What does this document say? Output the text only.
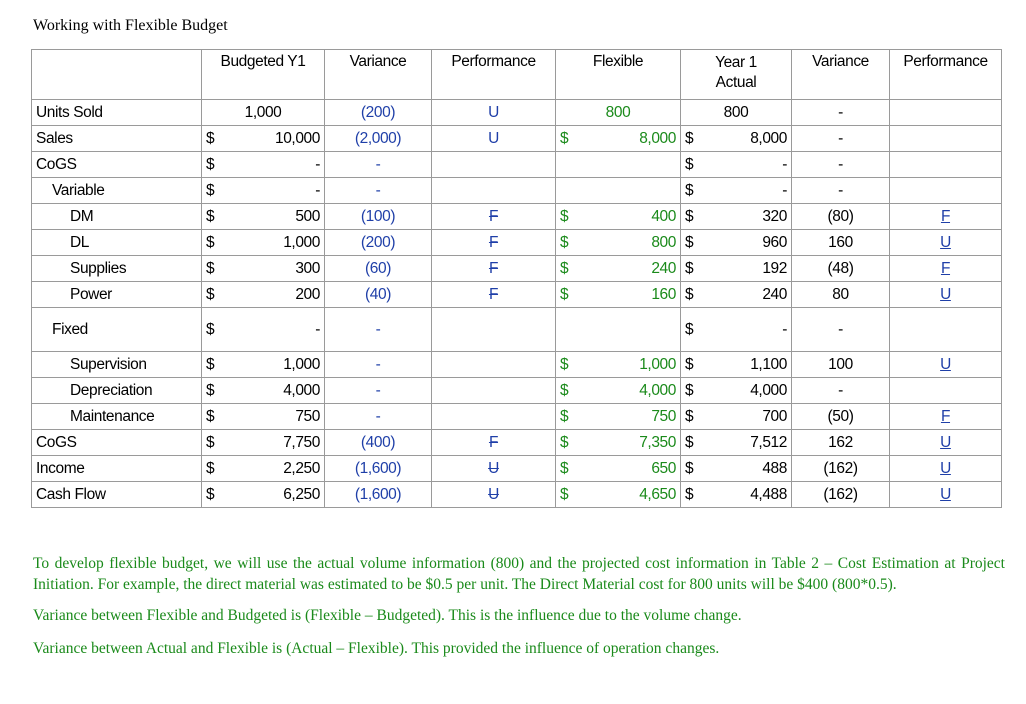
Working with Flexible Budget
	Budgeted Y1	Variance	Performance	Flexible	Year 1 Actual	Variance	Performance
Units Sold	1,000	(200)	U	800	800	-	
Sales	$ 10,000	(2,000)	U	$ 8,000	$ 8,000	-	
CoGS	$ -	-			$ -	-	
Variable	$ -	-			$ -	-	
DM	$ 500	(100)	F	$ 400	$ 320	(80)	F
DL	$ 1,000	(200)	F	$ 800	$ 960	160	U
Supplies	$ 300	(60)	F	$ 240	$ 192	(48)	F
Power	$ 200	(40)	F	$ 160	$ 240	80	U
Fixed	$ -	-			$ -	-	
Supervision	$ 1,000	-		$ 1,000	$ 1,100	100	U
Depreciation	$ 4,000	-		$ 4,000	$ 4,000	-	
Maintenance	$ 750	-		$ 750	$ 700	(50)	F
CoGS	$ 7,750	(400)	F	$ 7,350	$ 7,512	162	U
Income	$ 2,250	(1,600)	U	$ 650	$ 488	(162)	U
Cash Flow	$ 6,250	(1,600)	U	$ 4,650	$ 4,488	(162)	U

To develop flexible budget, we will use the actual volume information (800) and the projected cost information in Table 2 – Cost Estimation at Project Initiation. For example, the direct material was estimated to be $0.5 per unit. The Direct Material cost for 800 units will be $400 (800*0.5).

Variance between Flexible and Budgeted is (Flexible – Budgeted). This is the influence due to the volume change.

Variance between Actual and Flexible is (Actual – Flexible). This provided the influence of operation changes.
